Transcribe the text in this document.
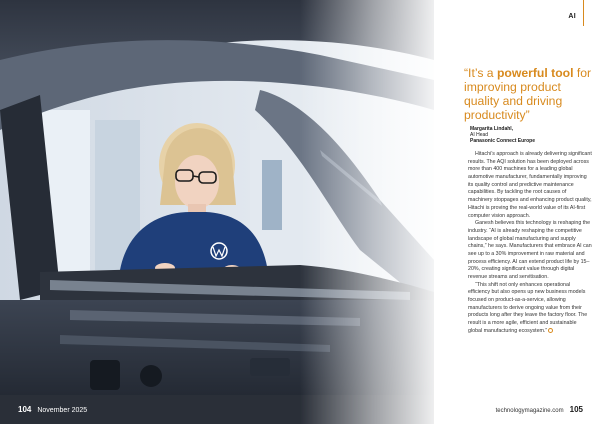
104 November 2025
AI
“It’s a powerful tool for improving product quality and driving productivity”
Margarita Lindahl,
AI Head
Panasonic Connect Europe

Hitachi’s approach is already delivering significant results. The AQI solution has been deployed across more than 400 machines for a leading global automotive manufacturer, fundamentally improving its quality control and predictive maintenance capabilities. By tackling the root causes of machinery stoppages and enhancing product quality, Hitachi is proving the real-world value of its AI-first computer vision approach.

Ganesh believes this technology is reshaping the industry. “AI is already reshaping the competitive landscape of global manufacturing and supply chains,” he says. Manufacturers that embrace AI can see up to a 30% improvement in raw material and process efficiency. AI can extend product life by 15–20%, creating significant value through digital revenue streams and servitisation.

“This shift not only enhances operational efficiency but also opens up new business models focused on product-as-a-service, allowing manufacturers to derive ongoing value from their products long after they leave the factory floor. The result is a more agile, efficient and sustainable global manufacturing ecosystem.”

technologymagazine.com 105
